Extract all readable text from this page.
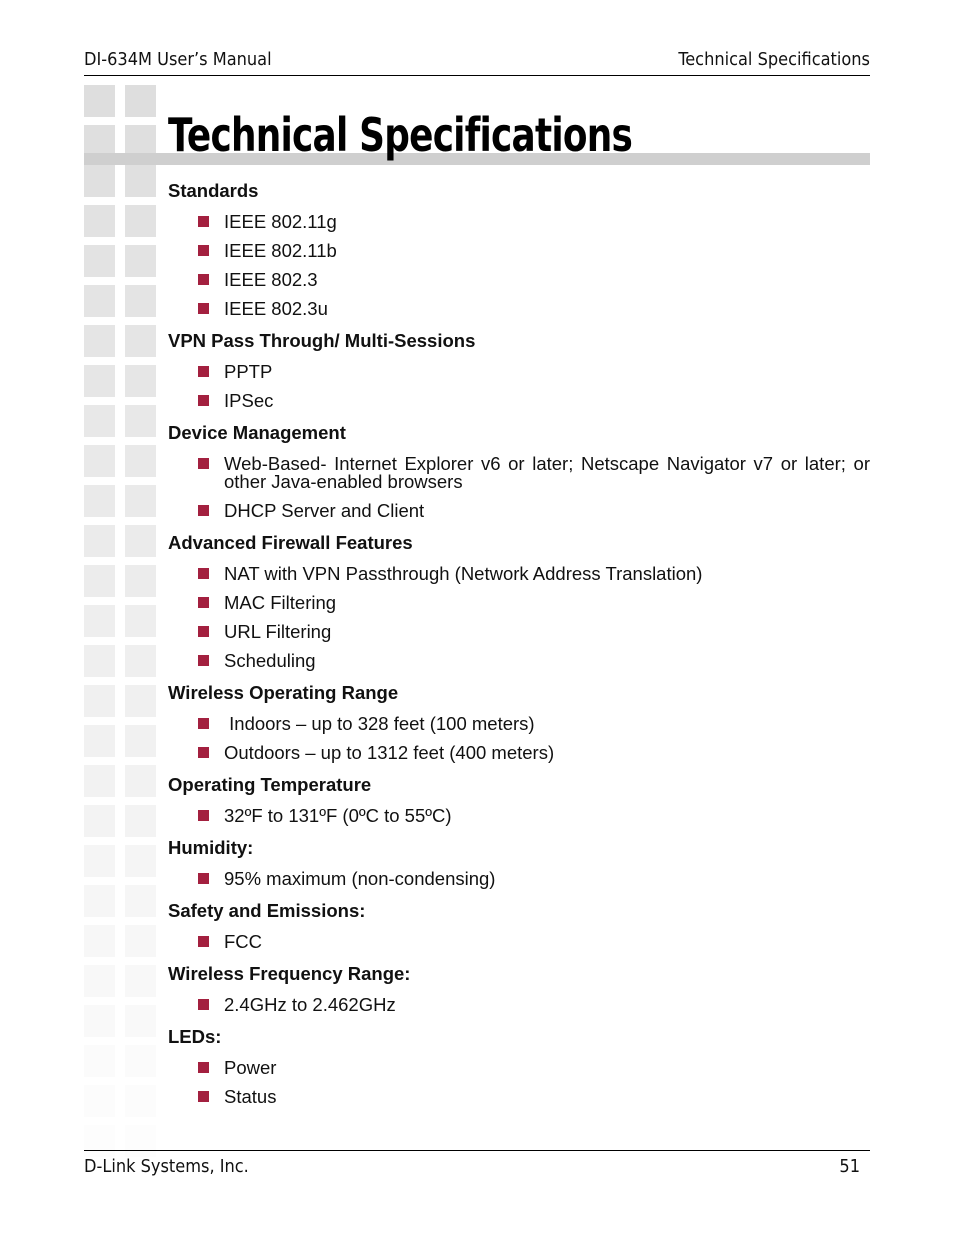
DI-634M User’s Manual	Technical Specifications
Technical Specifications
Standards
IEEE 802.11g
IEEE 802.11b
IEEE 802.3
IEEE 802.3u
VPN Pass Through/ Multi-Sessions
PPTP
IPSec
Device Management
Web-Based- Internet Explorer v6 or later; Netscape Navigator v7 or later; or other Java-enabled browsers
DHCP Server and Client
Advanced Firewall Features
NAT with VPN Passthrough (Network Address Translation)
MAC Filtering
URL Filtering
Scheduling
Wireless Operating Range
Indoors – up to 328 feet (100 meters)
Outdoors – up to 1312 feet (400 meters)
Operating Temperature
32ºF to 131ºF (0ºC to 55ºC)
Humidity:
95% maximum (non-condensing)
Safety and Emissions:
FCC
Wireless Frequency Range:
2.4GHz to 2.462GHz
LEDs:
Power
Status
D-Link Systems, Inc.	51
